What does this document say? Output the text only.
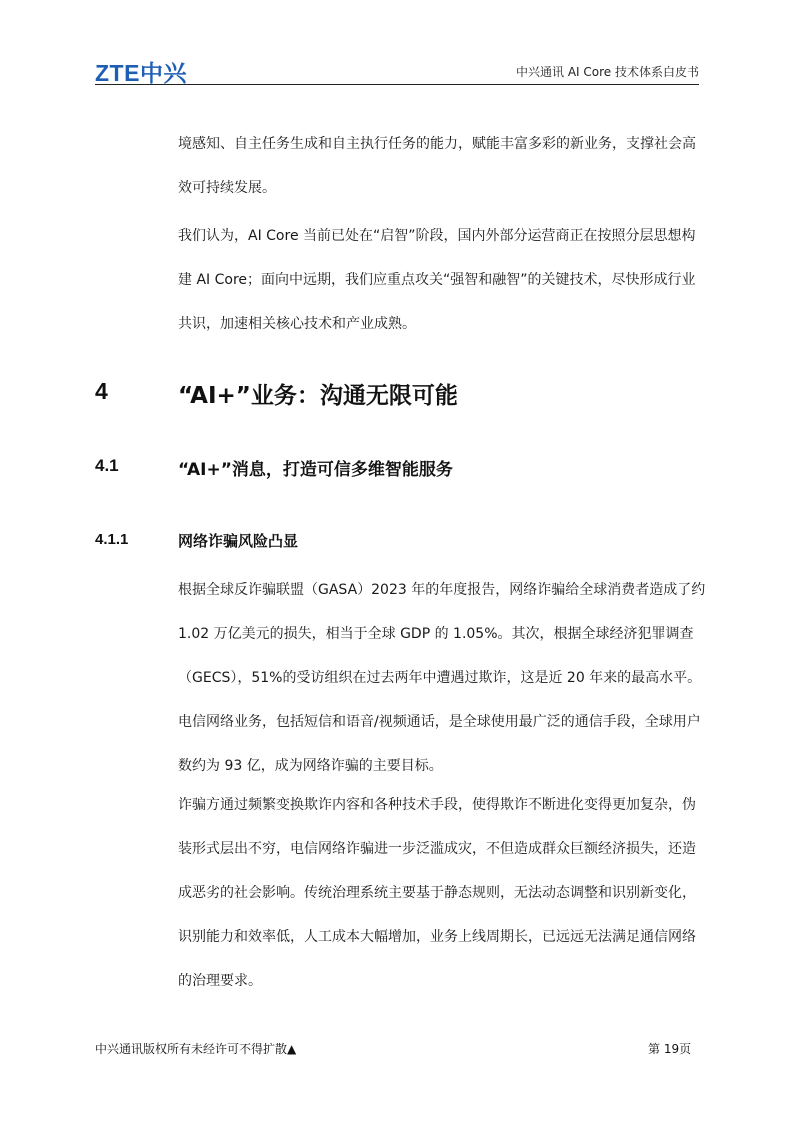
ZTE中兴	中兴通讯 AI Core 技术体系白皮书
境感知、自主任务生成和自主执行任务的能力，赋能丰富多彩的新业务，支撑社会高
效可持续发展。
我们认为，AI Core 当前已处在“启智”阶段，国内外部分运营商正在按照分层思想构
建 AI Core；面向中远期，我们应重点攻关“强智和融智”的关键技术，尽快形成行业
共识，加速相关核心技术和产业成熟。
4	“AI+”业务：沟通无限可能
4.1	“AI+”消息，打造可信多维智能服务
4.1.1	网络诈骗风险凸显
根据全球反诈骗联盟（GASA）2023 年的年度报告，网络诈骗给全球消费者造成了约
1.02 万亿美元的损失，相当于全球 GDP 的 1.05%。其次，根据全球经济犯罪调查
（GECS），51%的受访组织在过去两年中遭遇过欺诈，这是近 20 年来的最高水平。
电信网络业务，包括短信和语音/视频通话，是全球使用最广泛的通信手段，全球用户
数约为 93 亿，成为网络诈骗的主要目标。
诈骗方通过频繁变换欺诈内容和各种技术手段，使得欺诈不断进化变得更加复杂，伪
装形式层出不穷，电信网络诈骗进一步泛滥成灾，不但造成群众巨额经济损失，还造
成恶劣的社会影响。传统治理系统主要基于静态规则，无法动态调整和识别新变化，
识别能力和效率低，人工成本大幅增加，业务上线周期长，已远远无法满足通信网络
的治理要求。
中兴通讯版权所有未经许可不得扩散▲	第 19页
